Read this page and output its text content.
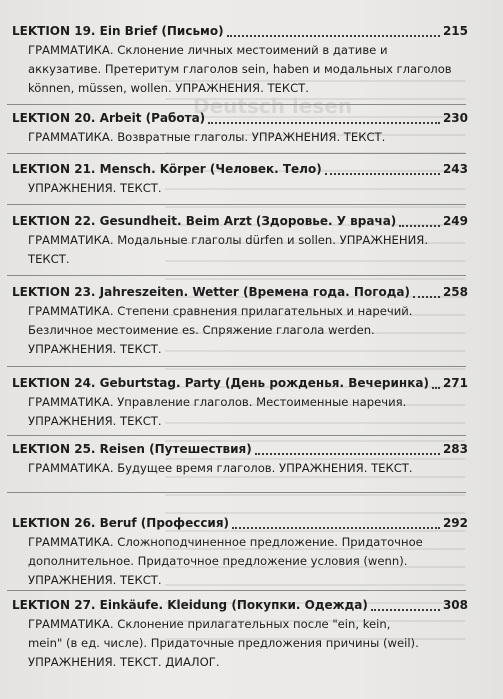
Deutsch lesen
LEKTION 19. Ein Brief (Письмо)	215

ГРАММАТИКА. Склонение личных местоимений в дативе и

аккузативе. Претеритум глаголов sein, haben и модальных глаголов

können, müssen, wollen. УПРАЖНЕНИЯ. ТЕКСТ.

LEKTION 20. Arbeit (Работа)	230

ГРАММАТИКА. Возвратные глаголы. УПРАЖНЕНИЯ. ТЕКСТ.

LEKTION 21. Mensch. Körper (Человек. Тело)	243

УПРАЖНЕНИЯ. ТЕКСТ.

LEKTION 22. Gesundheit. Beim Arzt (Здоровье. У врача)	249

ГРАММАТИКА. Модальные глаголы dürfen и sollen. УПРАЖНЕНИЯ.

ТЕКСТ.

LEKTION 23. Jahreszeiten. Wetter (Времена года. Погода)	258

ГРАММАТИКА. Степени сравнения прилагательных и наречий.

Безличное местоимение es. Спряжение глагола werden.

УПРАЖНЕНИЯ. ТЕКСТ.

LEKTION 24. Geburtstag. Party (День рожденья. Вечеринка) 271

ГРАММАТИКА. Управление глаголов. Местоименные наречия.

УПРАЖНЕНИЯ. ТЕКСТ.

LEKTION 25. Reisen (Путешествия)	283

ГРАММАТИКА. Будущее время глаголов. УПРАЖНЕНИЯ. ТЕКСТ.

LEKTION 26. Beruf (Профессия)	292

ГРАММАТИКА. Сложноподчиненное предложение. Придаточное

дополнительное. Придаточное предложение условия (wenn).

УПРАЖНЕНИЯ. ТЕКСТ.

LEKTION 27. Einkäufe. Kleidung (Покупки. Одежда)	308

ГРАММАТИКА. Склонение прилагательных после "ein, kein,

mein" (в ед. числе). Придаточные предложения причины (weil).

УПРАЖНЕНИЯ. ТЕКСТ. ДИАЛОГ.
